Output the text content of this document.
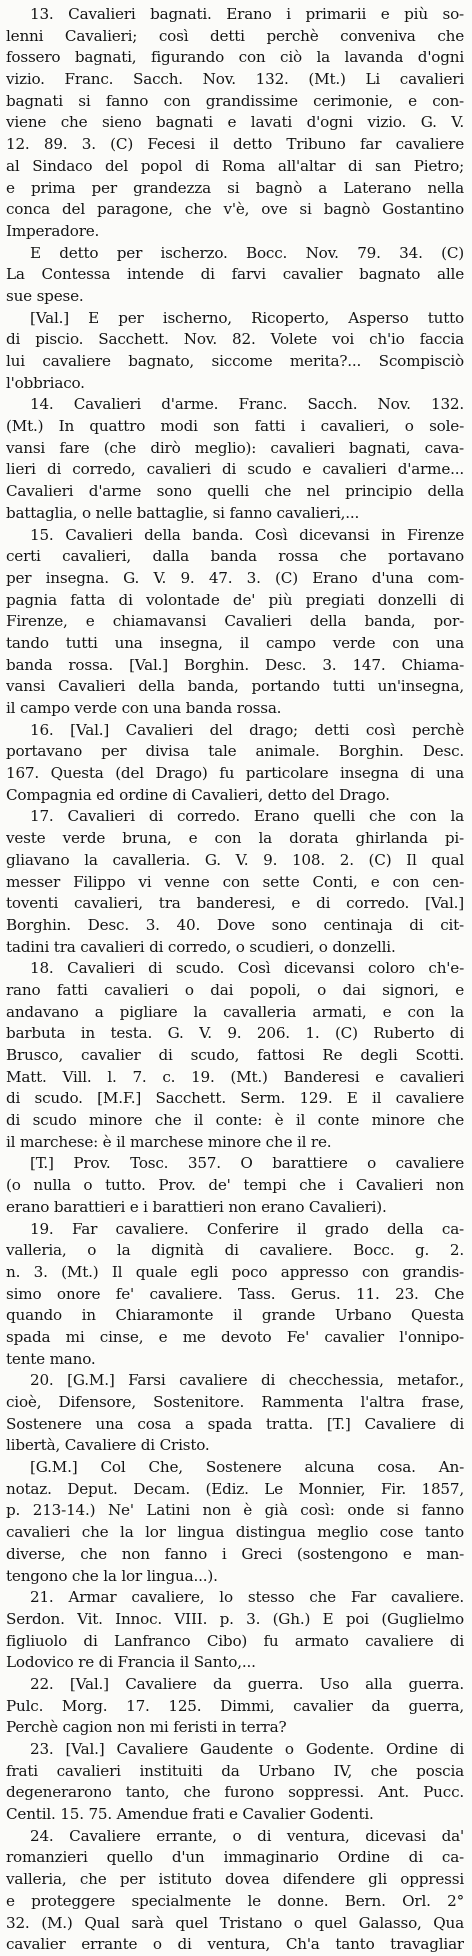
13. Cavalieri bagnati. Erano i primarii e più so-
lenni Cavalieri; così detti perchè conveniva che
fossero bagnati, figurando con ciò la lavanda d'ogni
vizio. Franc. Sacch. Nov. 132. (Mt.) Li cavalieri
bagnati si fanno con grandissime cerimonie, e con-
viene che sieno bagnati e lavati d'ogni vizio. G. V.
12. 89. 3. (C) Fecesi il detto Tribuno far cavaliere
al Sindaco del popol di Roma all'altar di san Pietro;
e prima per grandezza si bagnò a Laterano nella
conca del paragone, che v'è, ove si bagnò Gostantino
Imperadore.
E detto per ischerzo. Bocc. Nov. 79. 34. (C)
La Contessa intende di farvi cavalier bagnato alle
sue spese.
[Val.] E per ischerno, Ricoperto, Asperso tutto
di piscio. Sacchett. Nov. 82. Volete voi ch'io faccia
lui cavaliere bagnato, siccome merita?... Scompisciò
l'obbriaco.
14. Cavalieri d'arme. Franc. Sacch. Nov. 132.
(Mt.) In quattro modi son fatti i cavalieri, o sole-
vansi fare (che dirò meglio): cavalieri bagnati, cava-
lieri di corredo, cavalieri di scudo e cavalieri d'arme...
Cavalieri d'arme sono quelli che nel principio della
battaglia, o nelle battaglie, si fanno cavalieri,...
15. Cavalieri della banda. Così dicevansi in Firenze
certi cavalieri, dalla banda rossa che portavano
per insegna. G. V. 9. 47. 3. (C) Erano d'una com-
pagnia fatta di volontade de' più pregiati donzelli di
Firenze, e chiamavansi Cavalieri della banda, por-
tando tutti una insegna, il campo verde con una
banda rossa. [Val.] Borghin. Desc. 3. 147. Chiama-
vansi Cavalieri della banda, portando tutti un'insegna,
il campo verde con una banda rossa.
16. [Val.] Cavalieri del drago; detti così perchè
portavano per divisa tale animale. Borghin. Desc.
167. Questa (del Drago) fu particolare insegna di una
Compagnia ed ordine di Cavalieri, detto del Drago.
17. Cavalieri di corredo. Erano quelli che con la
veste verde bruna, e con la dorata ghirlanda pi-
gliavano la cavalleria. G. V. 9. 108. 2. (C) Il qual
messer Filippo vi venne con sette Conti, e con cen-
toventi cavalieri, tra banderesi, e di corredo. [Val.]
Borghin. Desc. 3. 40. Dove sono centinaja di cit-
tadini tra cavalieri di corredo, o scudieri, o donzelli.
18. Cavalieri di scudo. Così dicevansi coloro ch'e-
rano fatti cavalieri o dai popoli, o dai signori, e
andavano a pigliare la cavalleria armati, e con la
barbuta in testa. G. V. 9. 206. 1. (C) Ruberto di
Brusco, cavalier di scudo, fattosi Re degli Scotti.
Matt. Vill. l. 7. c. 19. (Mt.) Banderesi e cavalieri
di scudo. [M.F.] Sacchett. Serm. 129. E il cavaliere
di scudo minore che il conte: è il conte minore che
il marchese: è il marchese minore che il re.
[T.] Prov. Tosc. 357. O barattiere o cavaliere
(o nulla o tutto. Prov. de' tempi che i Cavalieri non
erano barattieri e i barattieri non erano Cavalieri).
19. Far cavaliere. Conferire il grado della ca-
valleria, o la dignità di cavaliere. Bocc. g. 2.
n. 3. (Mt.) Il quale egli poco appresso con grandis-
simo onore fe' cavaliere. Tass. Gerus. 11. 23. Che
quando in Chiaramonte il grande Urbano Questa
spada mi cinse, e me devoto Fe' cavalier l'onnipo-
tente mano.
20. [G.M.] Farsi cavaliere di checchessia, metafor.,
cioè, Difensore, Sostenitore. Rammenta l'altra frase,
Sostenere una cosa a spada tratta. [T.] Cavaliere di
libertà, Cavaliere di Cristo.
[G.M.] Col Che, Sostenere alcuna cosa. An-
notaz. Deput. Decam. (Ediz. Le Monnier, Fir. 1857,
p. 213-14.) Ne' Latini non è già così: onde si fanno
cavalieri che la lor lingua distingua meglio cose tanto
diverse, che non fanno i Greci (sostengono e man-
tengono che la lor lingua...).
21. Armar cavaliere, lo stesso che Far cavaliere.
Serdon. Vit. Innoc. VIII. p. 3. (Gh.) E poi (Guglielmo
figliuolo di Lanfranco Cibo) fu armato cavaliere di
Lodovico re di Francia il Santo,...
22. [Val.] Cavaliere da guerra. Uso alla guerra.
Pulc. Morg. 17. 125. Dimmi, cavalier da guerra,
Perchè cagion non mi feristi in terra?
23. [Val.] Cavaliere Gaudente o Godente. Ordine di
frati cavalieri instituiti da Urbano IV, che poscia
degenerarono tanto, che furono soppressi. Ant. Pucc.
Centil. 15. 75. Amendue frati e Cavalier Godenti.
24. Cavaliere errante, o di ventura, dicevasi da'
romanzieri quello d'un immaginario Ordine di ca-
valleria, che per istituto dovea difendere gli oppressi
e proteggere specialmente le donne. Bern. Orl. 2°
32. (M.) Qual sarà quel Tristano o quel Galasso, Qua
cavalier errante o di ventura, Ch'a tanto travagliar
